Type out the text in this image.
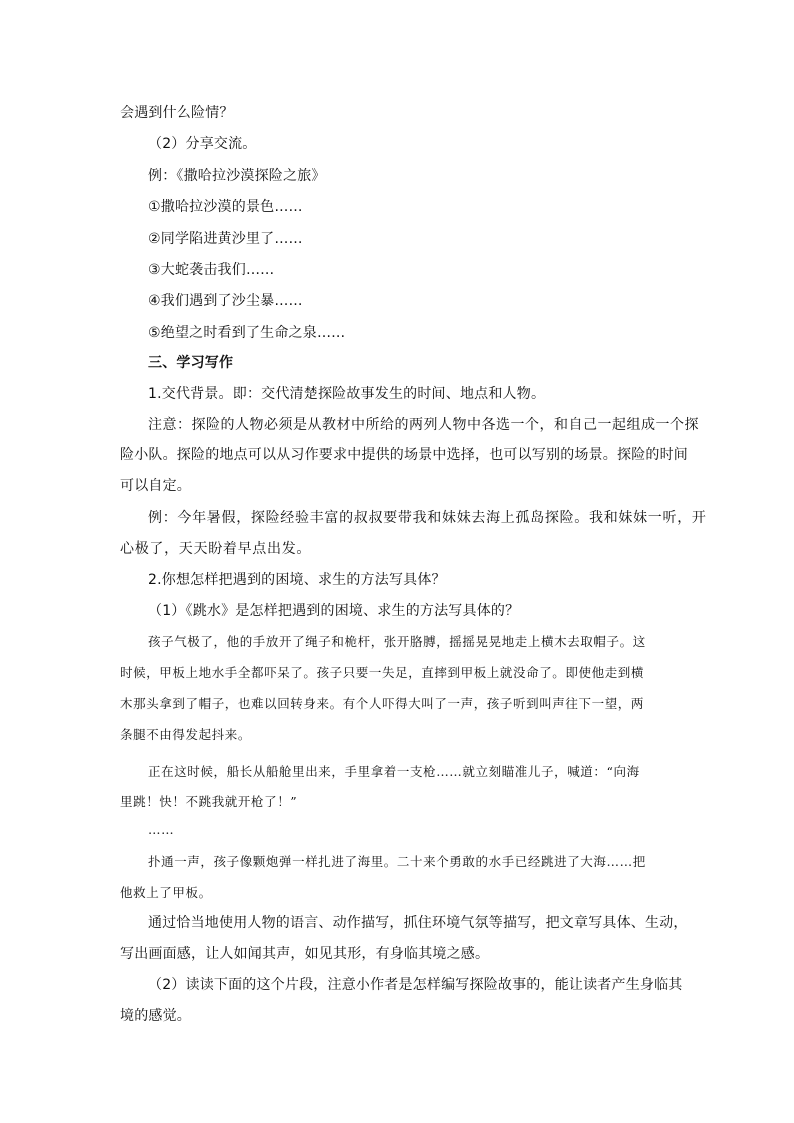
会遇到什么险情？
（2）分享交流。
例：《撒哈拉沙漠探险之旅》
①撒哈拉沙漠的景色……
②同学陷进黄沙里了……
③大蛇袭击我们……
④我们遇到了沙尘暴……
⑤绝望之时看到了生命之泉……
三、学习写作
1.交代背景。即：交代清楚探险故事发生的时间、地点和人物。
注意：探险的人物必须是从教材中所给的两列人物中各选一个，和自己一起组成一个探
险小队。探险的地点可以从习作要求中提供的场景中选择，也可以写别的场景。探险的时间
可以自定。
例：今年暑假，探险经验丰富的叔叔要带我和妹妹去海上孤岛探险。我和妹妹一听，开
心极了，天天盼着早点出发。
2.你想怎样把遇到的困境、求生的方法写具体？
（1）《跳水》是怎样把遇到的困境、求生的方法写具体的？
孩子气极了，他的手放开了绳子和桅杆，张开胳膊，摇摇晃晃地走上横木去取帽子。这
时候，甲板上地水手全都吓呆了。孩子只要一失足，直摔到甲板上就没命了。即使他走到横
木那头拿到了帽子，也难以回转身来。有个人吓得大叫了一声，孩子听到叫声往下一望，两
条腿不由得发起抖来。
正在这时候，船长从船舱里出来，手里拿着一支枪……就立刻瞄准儿子，喊道：“向海
里跳！快！不跳我就开枪了！”
……
扑通一声，孩子像颗炮弹一样扎进了海里。二十来个勇敢的水手已经跳进了大海……把
他救上了甲板。
通过恰当地使用人物的语言、动作描写，抓住环境气氛等描写，把文章写具体、生动，
写出画面感，让人如闻其声，如见其形，有身临其境之感。
（2）读读下面的这个片段，注意小作者是怎样编写探险故事的，能让读者产生身临其
境的感觉。
